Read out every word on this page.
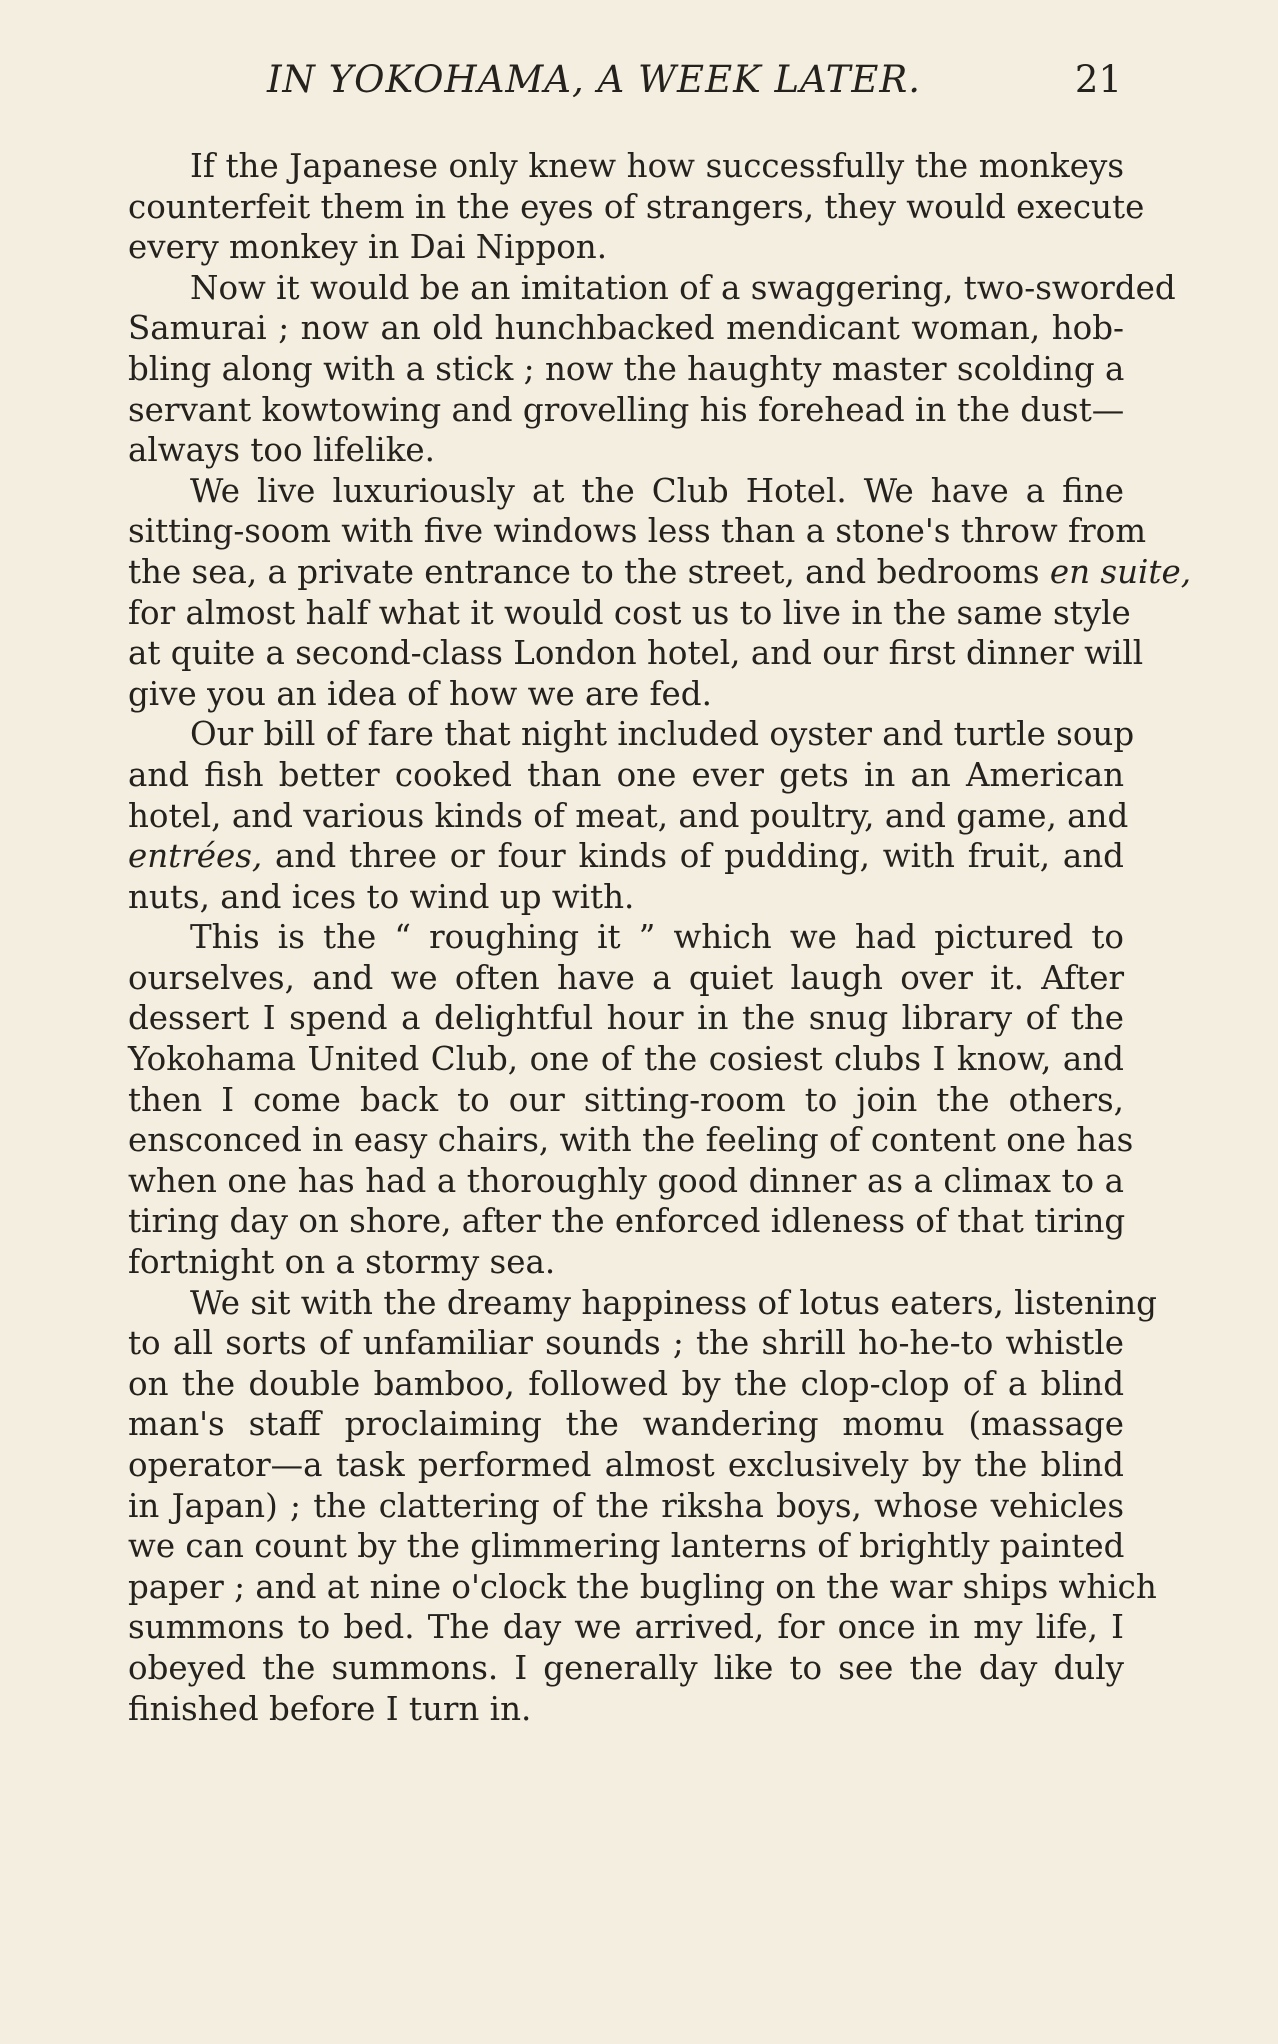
IN YOKOHAMA, A WEEK LATER.	21

If the Japanese only knew how successfully the monkeys
counterfeit them in the eyes of strangers, they would execute
every monkey in Dai Nippon.

Now it would be an imitation of a swaggering, two-sworded
Samurai ; now an old hunchbacked mendicant woman, hob-
bling along with a stick ; now the haughty master scolding a
servant kowtowing and grovelling his forehead in the dust—
always too lifelike.

We live luxuriously at the Club Hotel. We have a fine
sitting-soom with five windows less than a stone's throw from
the sea, a private entrance to the street, and bedrooms en suite,
for almost half what it would cost us to live in the same style
at quite a second-class London hotel, and our first dinner will
give you an idea of how we are fed.

Our bill of fare that night included oyster and turtle soup
and fish better cooked than one ever gets in an American
hotel, and various kinds of meat, and poultry, and game, and
entrées, and three or four kinds of pudding, with fruit, and
nuts, and ices to wind up with.

This is the “ roughing it ” which we had pictured to
ourselves, and we often have a quiet laugh over it. After
dessert I spend a delightful hour in the snug library of the
Yokohama United Club, one of the cosiest clubs I know, and
then I come back to our sitting-room to join the others,
ensconced in easy chairs, with the feeling of content one has
when one has had a thoroughly good dinner as a climax to a
tiring day on shore, after the enforced idleness of that tiring
fortnight on a stormy sea.

We sit with the dreamy happiness of lotus eaters, listening
to all sorts of unfamiliar sounds ; the shrill ho-he-to whistle
on the double bamboo, followed by the clop-clop of a blind
man's staff proclaiming the wandering momu (massage
operator—a task performed almost exclusively by the blind
in Japan) ; the clattering of the riksha boys, whose vehicles
we can count by the glimmering lanterns of brightly painted
paper ; and at nine o'clock the bugling on the war ships which
summons to bed. The day we arrived, for once in my life, I
obeyed the summons. I generally like to see the day duly
finished before I turn in.
